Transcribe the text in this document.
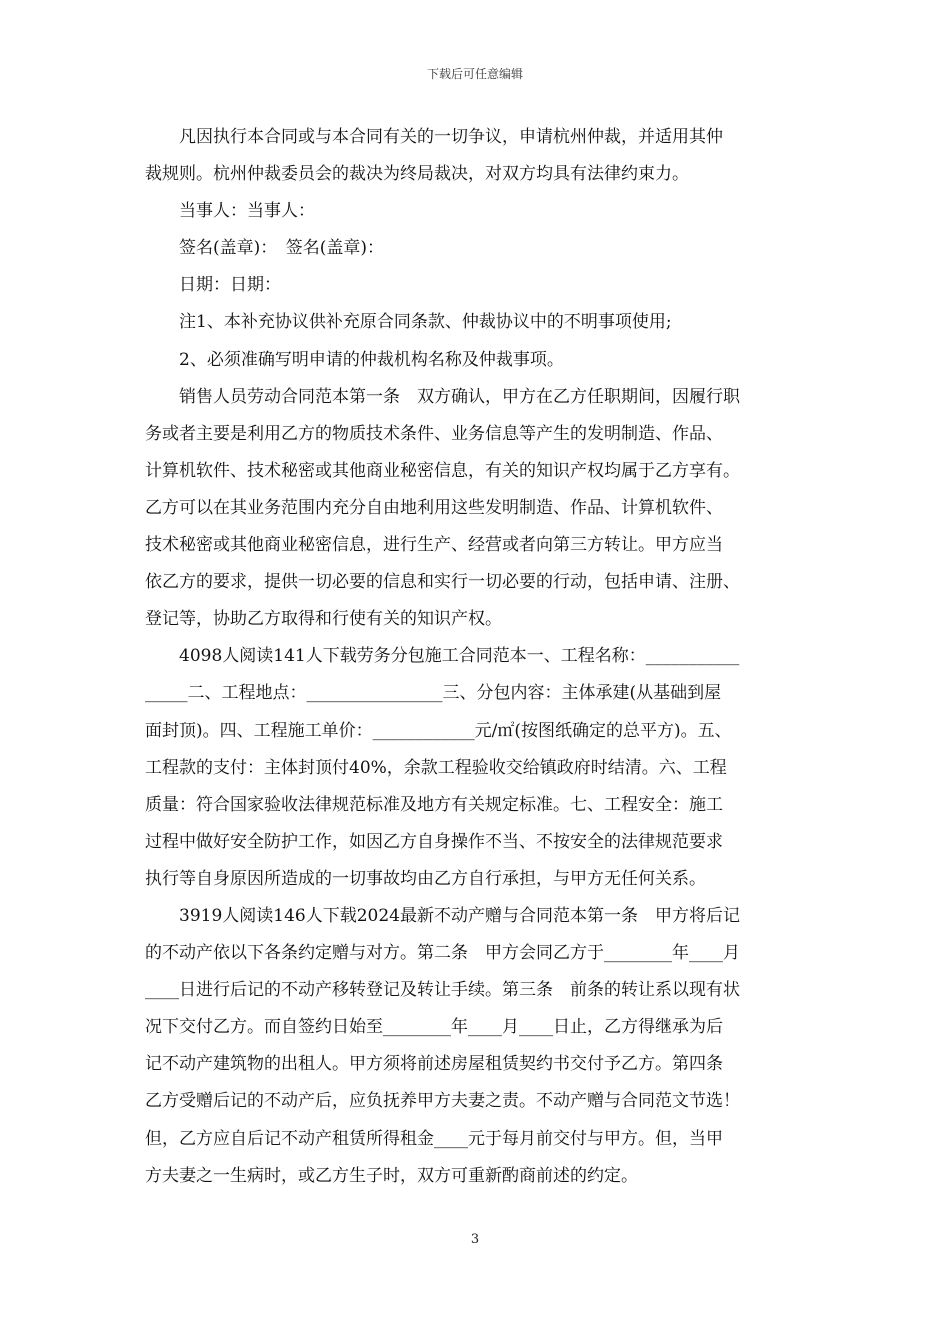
下载后可任意编辑
　　凡因执行本合同或与本合同有关的一切争议，申请杭州仲裁，并适用其仲
裁规则。杭州仲裁委员会的裁决为终局裁决，对双方均具有法律约束力。
　　当事人：当事人：
　　签名(盖章)：　签名(盖章)：
　　日期：日期：
　　注1、本补充协议供补充原合同条款、仲裁协议中的不明事项使用;
　　2、必须准确写明申请的仲裁机构名称及仲裁事项。
　　销售人员劳动合同范本第一条　双方确认，甲方在乙方任职期间，因履行职
务或者主要是利用乙方的物质技术条件、业务信息等产生的发明制造、作品、
计算机软件、技术秘密或其他商业秘密信息，有关的知识产权均属于乙方享有。
乙方可以在其业务范围内充分自由地利用这些发明制造、作品、计算机软件、
技术秘密或其他商业秘密信息，进行生产、经营或者向第三方转让。甲方应当
依乙方的要求，提供一切必要的信息和实行一切必要的行动，包括申请、注册、
登记等，协助乙方取得和行使有关的知识产权。
　　4098人阅读141人下载劳务分包施工合同范本一、工程名称：___________
_____二、工程地点：________________三、分包内容：主体承建(从基础到屋
面封顶)。四、工程施工单价：____________元/㎡(按图纸确定的总平方)。五、
工程款的支付：主体封顶付40%，余款工程验收交给镇政府时结清。六、工程
质量：符合国家验收法律规范标准及地方有关规定标准。七、工程安全：施工
过程中做好安全防护工作，如因乙方自身操作不当、不按安全的法律规范要求
执行等自身原因所造成的一切事故均由乙方自行承担，与甲方无任何关系。
　　3919人阅读146人下载2024最新不动产赠与合同范本第一条　甲方将后记
的不动产依以下各条约定赠与对方。第二条　甲方会同乙方于________年____月
____日进行后记的不动产移转登记及转让手续。第三条　前条的转让系以现有状
况下交付乙方。而自签约日始至________年____月____日止，乙方得继承为后
记不动产建筑物的出租人。甲方须将前述房屋租赁契约书交付予乙方。第四条
乙方受赠后记的不动产后，应负抚养甲方夫妻之责。不动产赠与合同范文节选！
但，乙方应自后记不动产租赁所得租金____元于每月前交付与甲方。但，当甲
方夫妻之一生病时，或乙方生子时，双方可重新酌商前述的约定。
3
